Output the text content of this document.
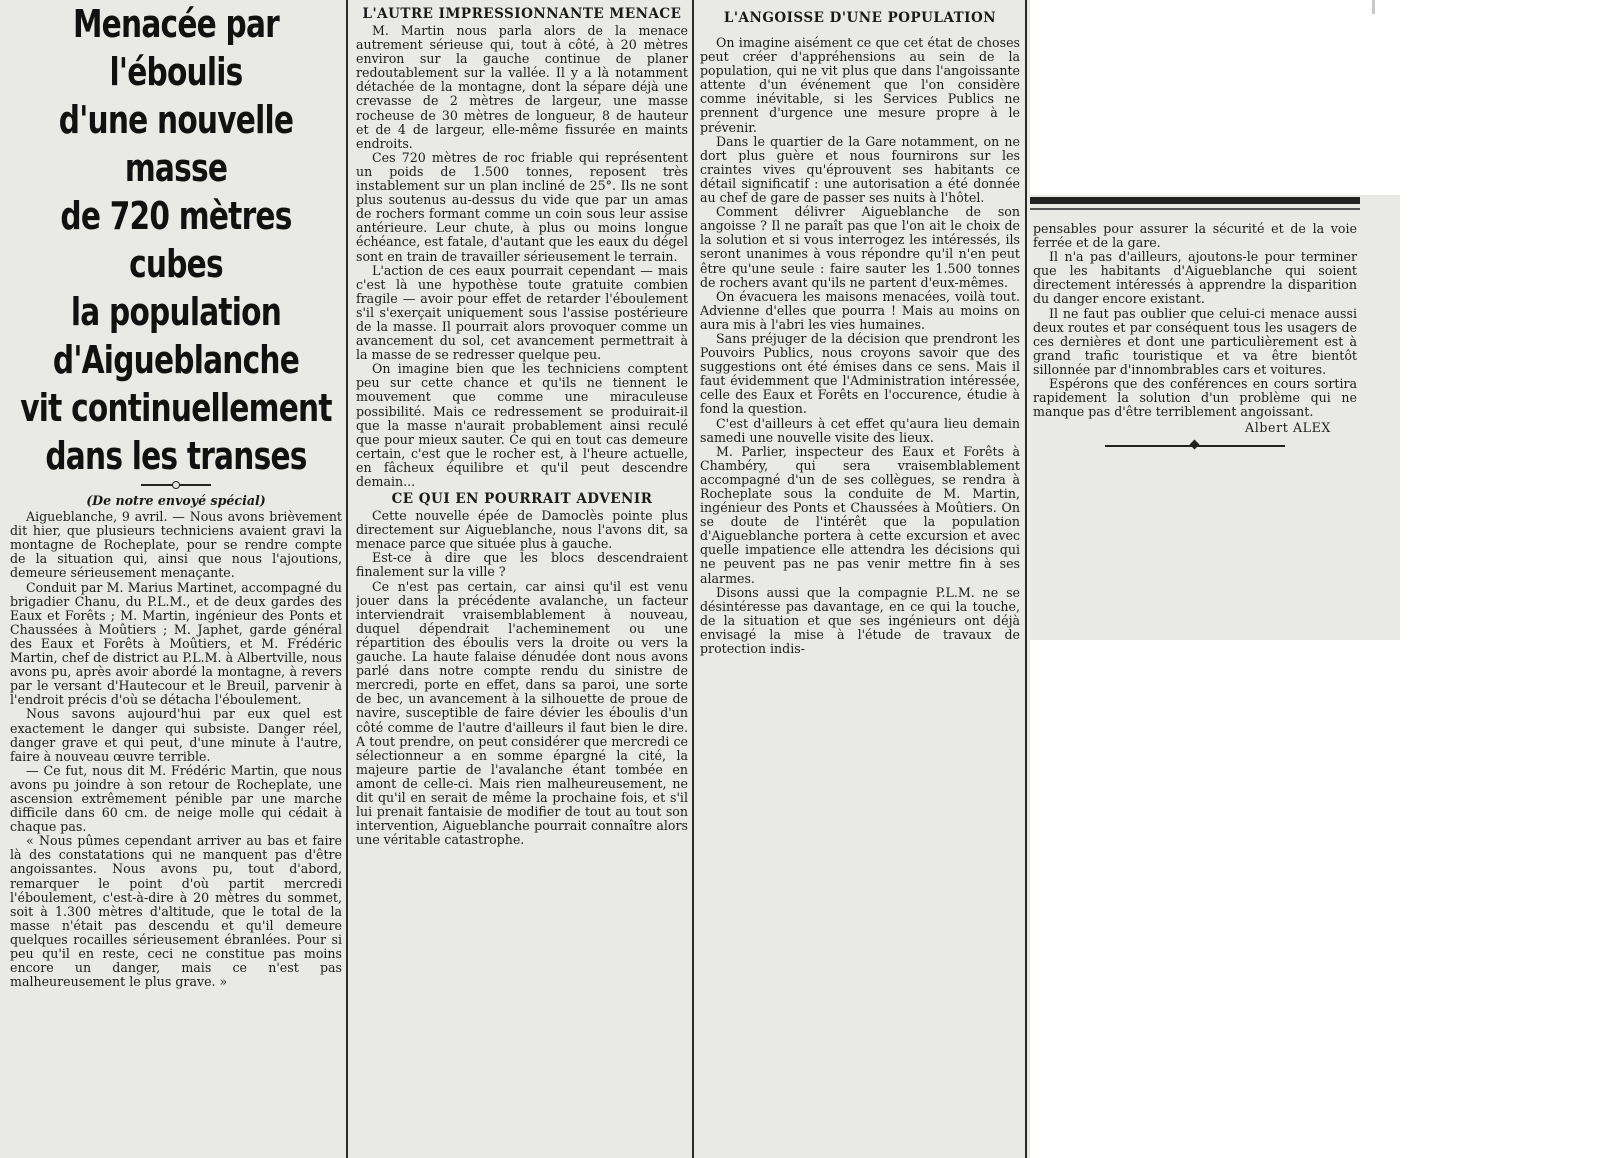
Menacée par l'éboulis
d'une nouvelle masse
de 720 mètres cubes
la population
d'Aigueblanche
vit continuellement
dans les transes
(De notre envoyé spécial)

Aigueblanche, 9 avril. — Nous avons brièvement dit hier, que plusieurs techniciens avaient gravi la montagne de Rocheplate, pour se rendre compte de la situation qui, ainsi que nous l'ajoutions, demeure sérieusement menaçante.

Conduit par M. Marius Martinet, accompagné du brigadier Chanu, du P.L.M., et de deux gardes des Eaux et Forêts ; M. Martin, ingénieur des Ponts et Chaussées à Moûtiers ; M. Japhet, garde général des Eaux et Forêts à Moûtiers, et M. Frédéric Martin, chef de district au P.L.M. à Albertville, nous avons pu, après avoir abordé la montagne, à revers par le versant d'Hautecour et le Breuil, parvenir à l'endroit précis d'où se détacha l'éboulement.

Nous savons aujourd'hui par eux quel est exactement le danger qui subsiste. Danger réel, danger grave et qui peut, d'une minute à l'autre, faire à nouveau œuvre terrible.

— Ce fut, nous dit M. Frédéric Martin, que nous avons pu joindre à son retour de Rocheplate, une ascension extrêmement pénible par une marche difficile dans 60 cm. de neige molle qui cédait à chaque pas.

« Nous pûmes cependant arriver au bas et faire là des constatations qui ne manquent pas d'être angoissantes. Nous avons pu, tout d'abord, remarquer le point d'où partit mercredi l'éboulement, c'est-à-dire à 20 mètres du sommet, soit à 1.300 mètres d'altitude, que le total de la masse n'était pas descendu et qu'il demeure quelques rocailles sérieusement ébranlées. Pour si peu qu'il en reste, ceci ne constitue pas moins encore un danger, mais ce n'est pas malheureusement le plus grave. »

L'AUTRE IMPRESSIONNANTE MENACE

M. Martin nous parla alors de la menace autrement sérieuse qui, tout à côté, à 20 mètres environ sur la gauche continue de planer redoutablement sur la vallée. Il y a là notamment détachée de la montagne, dont la sépare déjà une crevasse de 2 mètres de largeur, une masse rocheuse de 30 mètres de longueur, 8 de hauteur et de 4 de largeur, elle-même fissurée en maints endroits.

Ces 720 mètres de roc friable qui représentent un poids de 1.500 tonnes, reposent très instablement sur un plan incliné de 25°. Ils ne sont plus soutenus au-dessus du vide que par un amas de rochers formant comme un coin sous leur assise antérieure. Leur chute, à plus ou moins longue échéance, est fatale, d'autant que les eaux du dégel sont en train de travailler sérieusement le terrain.

L'action de ces eaux pourrait cependant — mais c'est là une hypothèse toute gratuite combien fragile — avoir pour effet de retarder l'éboulement s'il s'exerçait uniquement sous l'assise postérieure de la masse. Il pourrait alors provoquer comme un avancement du sol, cet avancement permettrait à la masse de se redresser quelque peu.

On imagine bien que les techniciens comptent peu sur cette chance et qu'ils ne tiennent le mouvement que comme une miraculeuse possibilité. Mais ce redressement se produirait-il que la masse n'aurait probablement ainsi reculé que pour mieux sauter. Ce qui en tout cas demeure certain, c'est que le rocher est, à l'heure actuelle, en fâcheux équilibre et qu'il peut descendre demain...

CE QUI EN POURRAIT ADVENIR

Cette nouvelle épée de Damoclès pointe plus directement sur Aigueblanche, nous l'avons dit, sa menace parce que située plus à gauche.

Est-ce à dire que les blocs descendraient finalement sur la ville ?

Ce n'est pas certain, car ainsi qu'il est venu jouer dans la précédente avalanche, un facteur interviendrait vraisemblablement à nouveau, duquel dépendrait l'acheminement ou une répartition des éboulis vers la droite ou vers la gauche. La haute falaise dénudée dont nous avons parlé dans notre compte rendu du sinistre de mercredi, porte en effet, dans sa paroi, une sorte de bec, un avancement à la silhouette de proue de navire, susceptible de faire dévier les éboulis d'un côté comme de l'autre d'ailleurs il faut bien le dire. A tout prendre, on peut considérer que mercredi ce sélectionneur a en somme épargné la cité, la majeure partie de l'avalanche étant tombée en amont de celle-ci. Mais rien malheureusement, ne dit qu'il en serait de même la prochaine fois, et s'il lui prenait fantaisie de modifier de tout au tout son intervention, Aigueblanche pourrait connaître alors une véritable catastrophe.

L'ANGOISSE D'UNE POPULATION

On imagine aisément ce que cet état de choses peut créer d'appréhensions au sein de la population, qui ne vit plus que dans l'angoissante attente d'un événement que l'on considère comme inévitable, si les Services Publics ne prennent d'urgence une mesure propre à le prévenir.

Dans le quartier de la Gare notamment, on ne dort plus guère et nous fournirons sur les craintes vives qu'éprouvent ses habitants ce détail significatif : une autorisation a été donnée au chef de gare de passer ses nuits à l'hôtel.

Comment délivrer Aigueblanche de son angoisse ? Il ne paraît pas que l'on ait le choix de la solution et si vous interrogez les intéressés, ils seront unanimes à vous répondre qu'il n'en peut être qu'une seule : faire sauter les 1.500 tonnes de rochers avant qu'ils ne partent d'eux-mêmes.

On évacuera les maisons menacées, voilà tout. Advienne d'elles que pourra ! Mais au moins on aura mis à l'abri les vies humaines.

Sans préjuger de la décision que prendront les Pouvoirs Publics, nous croyons savoir que des suggestions ont été émises dans ce sens. Mais il faut évidemment que l'Administration intéressée, celle des Eaux et Forêts en l'occurence, étudie à fond la question.

C'est d'ailleurs à cet effet qu'aura lieu demain samedi une nouvelle visite des lieux.

M. Parlier, inspecteur des Eaux et Forêts à Chambéry, qui sera vraisemblablement accompagné d'un de ses collègues, se rendra à Rocheplate sous la conduite de M. Martin, ingénieur des Ponts et Chaussées à Moûtiers. On se doute de l'intérêt que la population d'Aigueblanche portera à cette excursion et avec quelle impatience elle attendra les décisions qui ne peuvent pas ne pas venir mettre fin à ses alarmes.

Disons aussi que la compagnie P.L.M. ne se désintéresse pas davantage, en ce qui la touche, de la situation et que ses ingénieurs ont déjà envisagé la mise à l'étude de travaux de protection indis-

pensables pour assurer la sécurité et de la voie ferrée et de la gare.

Il n'a pas d'ailleurs, ajoutons-le pour terminer que les habitants d'Aigueblanche qui soient directement intéressés à apprendre la disparition du danger encore existant.

Il ne faut pas oublier que celui-ci menace aussi deux routes et par conséquent tous les usagers de ces dernières et dont une particulièrement est à grand trafic touristique et va être bientôt sillonnée par d'innombrables cars et voitures.

Espérons que des conférences en cours sortira rapidement la solution d'un problème qui ne manque pas d'être terriblement angoissant.

Albert ALEX
